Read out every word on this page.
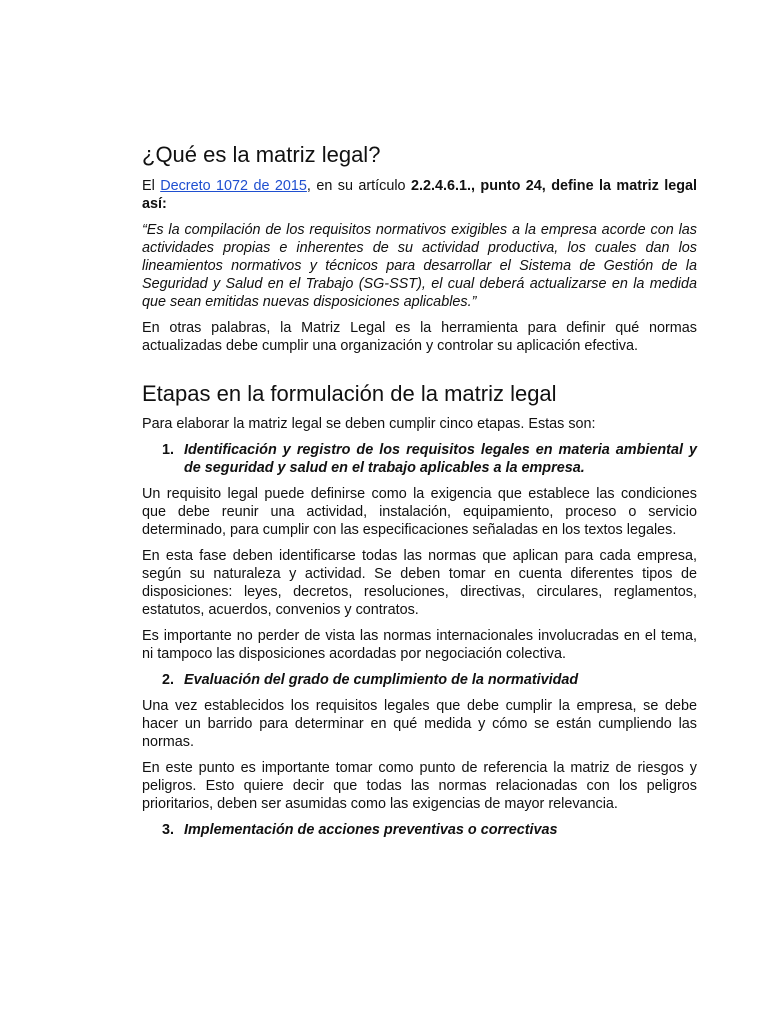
¿Qué es la matriz legal?

El Decreto 1072 de 2015, en su artículo 2.2.4.6.1., punto 24, define la matriz legal así:

“Es la compilación de los requisitos normativos exigibles a la empresa acorde con las actividades propias e inherentes de su actividad productiva, los cuales dan los lineamientos normativos y técnicos para desarrollar el Sistema de Gestión de la Seguridad y Salud en el Trabajo (SG-SST), el cual deberá actualizarse en la medida que sean emitidas nuevas disposiciones aplicables.”

En otras palabras, la Matriz Legal es la herramienta para definir qué normas actualizadas debe cumplir una organización y controlar su aplicación efectiva.

Etapas en la formulación de la matriz legal

Para elaborar la matriz legal se deben cumplir cinco etapas. Estas son:

1. Identificación y registro de los requisitos legales en materia ambiental y de seguridad y salud en el trabajo aplicables a la empresa.

Un requisito legal puede definirse como la exigencia que establece las condiciones que debe reunir una actividad, instalación, equipamiento, proceso o servicio determinado, para cumplir con las especificaciones señaladas en los textos legales.

En esta fase deben identificarse todas las normas que aplican para cada empresa, según su naturaleza y actividad. Se deben tomar en cuenta diferentes tipos de disposiciones: leyes, decretos, resoluciones, directivas, circulares, reglamentos, estatutos, acuerdos, convenios y contratos.

Es importante no perder de vista las normas internacionales involucradas en el tema, ni tampoco las disposiciones acordadas por negociación colectiva.

2. Evaluación del grado de cumplimiento de la normatividad

Una vez establecidos los requisitos legales que debe cumplir la empresa, se debe hacer un barrido para determinar en qué medida y cómo se están cumpliendo las normas.

En este punto es importante tomar como punto de referencia la matriz de riesgos y peligros. Esto quiere decir que todas las normas relacionadas con los peligros prioritarios, deben ser asumidas como las exigencias de mayor relevancia.

3. Implementación de acciones preventivas o correctivas
